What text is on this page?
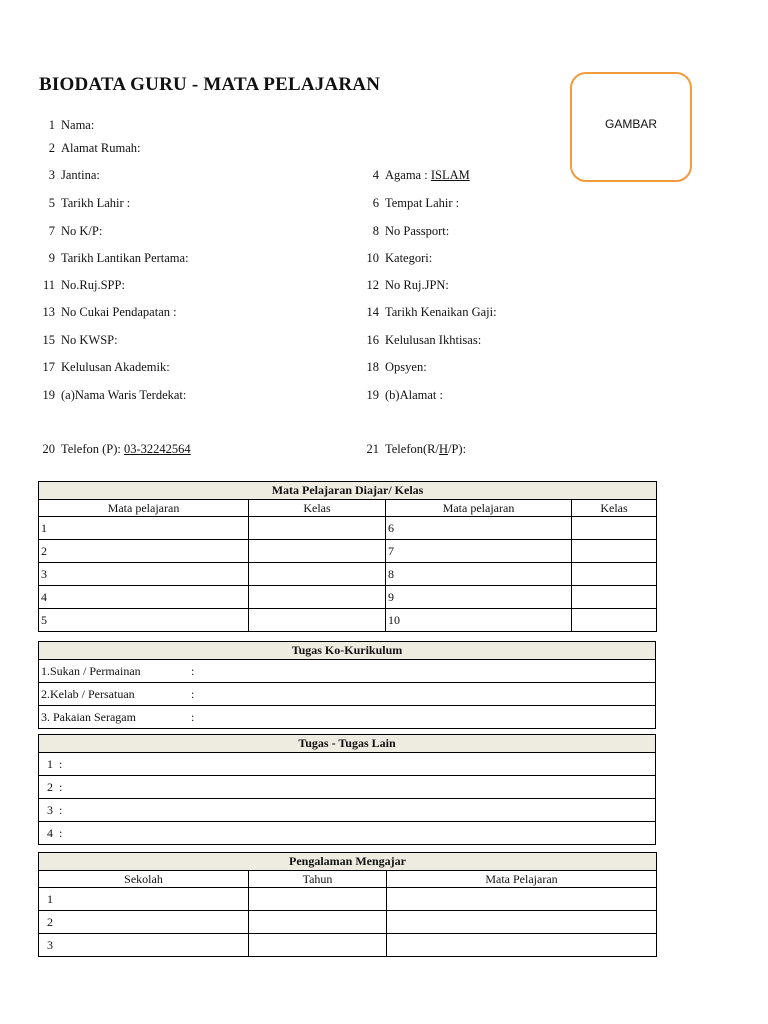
BIODATA GURU - MATA PELAJARAN
GAMBAR
1 Nama:
2 Alamat Rumah:
3 Jantina:
5 Tarikh Lahir :
7 No K/P:
9 Tarikh Lantikan Pertama:
11 No.Ruj.SPP:
13 No Cukai Pendapatan :
15 No KWSP:
17 Kelulusan Akademik:
19 (a)Nama Waris Terdekat:
20 Telefon (P): 03-32242564
4 Agama : ISLAM
6 Tempat Lahir :
8 No Passport:
10 Kategori:
12 No Ruj.JPN:
14 Tarikh Kenaikan Gaji:
16 Kelulusan Ikhtisas:
18 Opsyen:
19 (b)Alamat :
21 Telefon(R/H/P):
Mata Pelajaran Diajar/ Kelas			
Mata pelajaran	Kelas	Mata pelajaran	Kelas
1		6	
2		7	
3		8	
4		9	
5		10	
Tugas Ko-Kurikulum
1.Sukan / Permainan	:
2.Kelab / Persatuan	:
3. Pakaian Seragam	:
Tugas - Tugas Lain
1  :
2  :
3  :
4  :
Pengalaman Mengajar		
Sekolah	Tahun	Mata Pelajaran
1		
2		
3		
